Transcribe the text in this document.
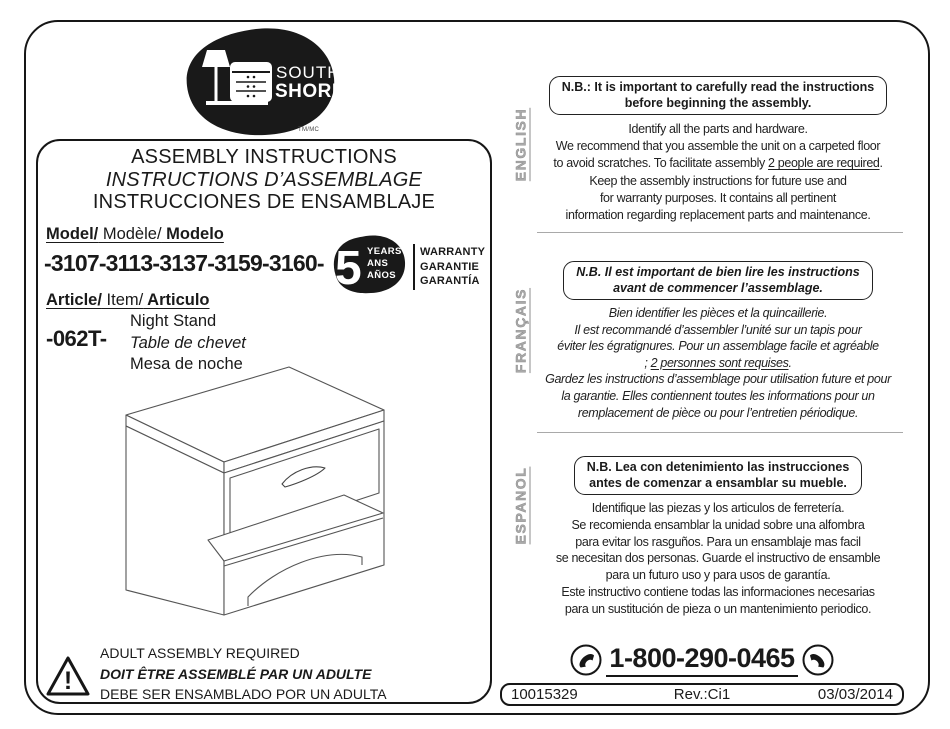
SOUTH
SHORE
TM/MC
ASSEMBLY INSTRUCTIONS
INSTRUCTIONS D’ASSEMBLAGE
INSTRUCCIONES DE ENSAMBLAJE
Model/ Modèle/ Modelo
-3107-3113-3137-3159-3160- 5 YEARS
ANS
AÑOS
WARRANTY
GARANTIE
GARANTÍA
Article/ Item/ Articulo
-062T-
Night Stand
Table de chevet
Mesa de noche
!
ADULT ASSEMBLY REQUIRED
DOIT ÊTRE ASSEMBLÉ PAR UN ADULTE
DEBE SER ENSAMBLADO POR UN ADULTA
ENGLISH
FRANÇAIS
ESPANOL
N.B.: It is important to carefully read the instructions
before beginning the assembly.
Identify all the parts and hardware.
We recommend that you assemble the unit on a carpeted floor
to avoid scratches. To facilitate assembly 2 people are required.
Keep the assembly instructions for future use and
for warranty purposes. It contains all pertinent
information regarding replacement parts and maintenance.
N.B. Il est important de bien lire les instructions
avant de commencer l’assemblage.
Bien identifier les pièces et la quincaillerie.
Il est recommandé d’assembler l’unité sur un tapis pour
éviter les égratignures. Pour un assemblage facile et agréable
; 2 personnes sont requises.
Gardez les instructions d’assemblage pour utilisation future et pour
la garantie. Elles contiennent toutes les informations pour un
remplacement de pièce ou pour l’entretien périodique.
N.B. Lea con detenimiento las instrucciones
antes de comenzar a ensamblar su mueble.
Identifique las piezas y los articulos de ferretería.
Se recomienda ensamblar la unidad sobre una alfombra
para evitar los rasguños. Para un ensamblaje mas facil
se necesitan dos personas. Guarde el instructivo de ensamble
para un futuro uso y para usos de garantía.
Este instructivo contiene todas las informaciones necesarias
para un sustitución de pieza o un mantenimiento periodico.
1-800-290-0465
10015329	Rev.:Ci1	03/03/2014
